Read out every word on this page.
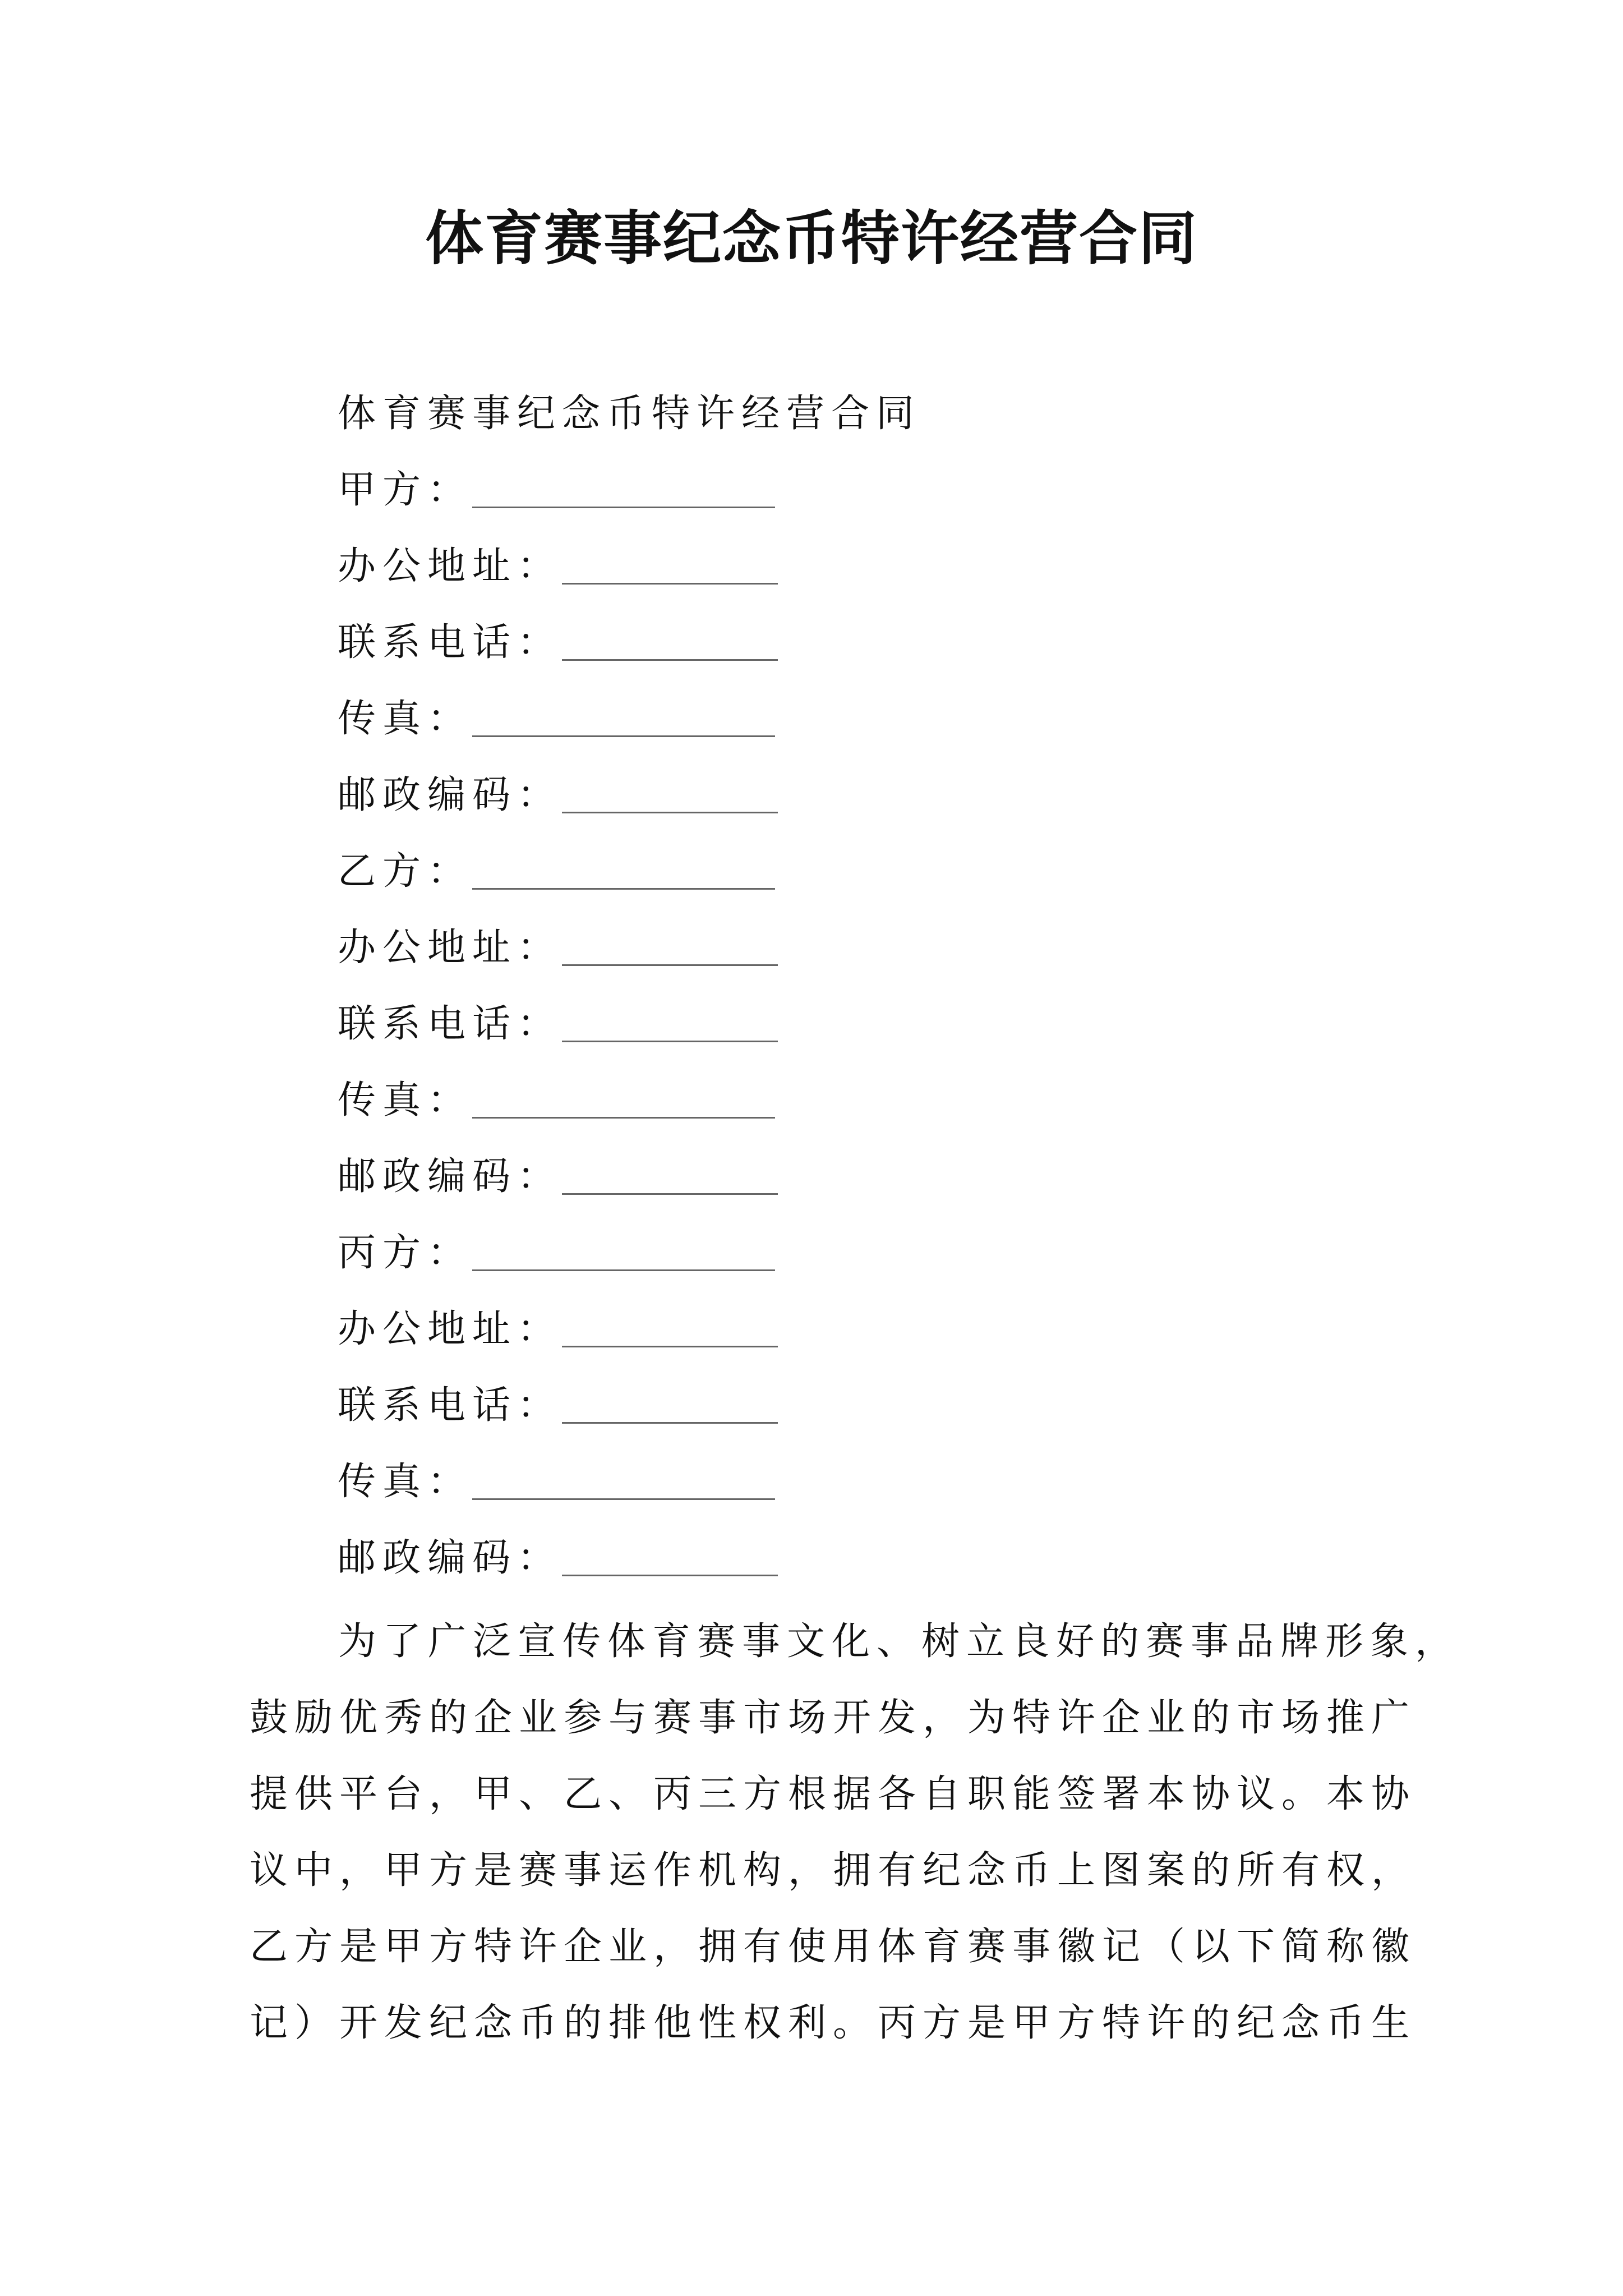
体育赛事纪念币特许经营合同
体育赛事纪念币特许经营合同
甲方：
办公地址：
联系电话：
传真：
邮政编码：
乙方：
办公地址：
联系电话：
传真：
邮政编码：
丙方：
办公地址：
联系电话：
传真：
邮政编码：
为了广泛宣传体育赛事文化、树立良好的赛事品牌形象，
鼓励优秀的企业参与赛事市场开发，为特许企业的市场推广
提供平台，甲、乙、丙三方根据各自职能签署本协议。本协
议中，甲方是赛事运作机构，拥有纪念币上图案的所有权，
乙方是甲方特许企业，拥有使用体育赛事徽记（以下简称徽
记）开发纪念币的排他性权利。丙方是甲方特许的纪念币生
